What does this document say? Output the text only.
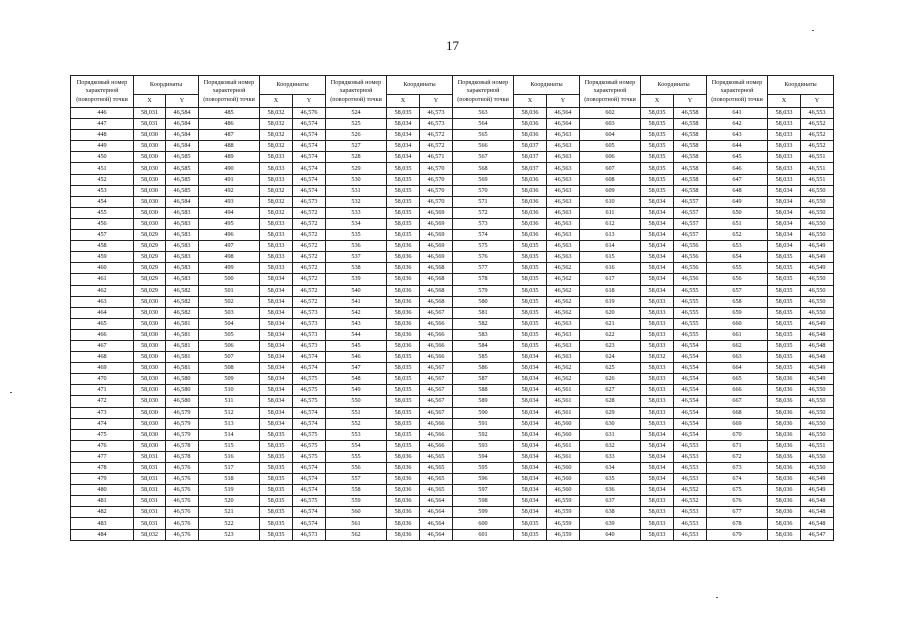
17
Порядковый номер характерной (поворотной) точки	Координаты		Порядковый номер характерной (поворотной) точки	Координаты		Порядковый номер характерной (поворотной) точки	Координаты		Порядковый номер характерной (поворотной) точки	Координаты		Порядковый номер характерной (поворотной) точки	Координаты		Порядковый номер характерной (поворотной) точки	Координаты	
	X	Y		X	Y		X	Y		X	Y		X	Y		X	Y
446	58,031	46,584	485	58,032	46,576	524	58,035	46,573	563	58,036	46,564	602	58,035	46,558	641	58,033	46,553
447	58,031	46,584	486	58,032	46,574	525	58,034	46,573	564	58,036	46,564	603	58,035	46,558	642	58,033	46,552
448	58,030	46,584	487	58,032	46,574	526	58,034	46,572	565	58,036	46,563	604	58,035	46,558	643	58,033	46,552
449	58,030	46,584	488	58,032	46,574	527	58,034	46,572	566	58,037	46,563	605	58,035	46,558	644	58,033	46,552
450	58,030	46,585	489	58,033	46,574	528	58,034	46,571	567	58,037	46,563	606	58,035	46,558	645	58,033	46,551
451	58,030	46,585	490	58,033	46,574	529	58,035	46,570	568	58,037	46,563	607	58,035	46,558	646	58,033	46,551
452	58,030	46,585	491	58,033	46,574	530	58,035	46,570	569	58,036	46,563	608	58,035	46,558	647	58,033	46,551
453	58,030	46,585	492	58,032	46,574	531	58,035	46,570	570	58,036	46,563	609	58,035	46,558	648	58,034	46,550
454	58,030	46,584	493	58,032	46,573	532	58,035	46,570	571	58,036	46,563	610	58,034	46,557	649	58,034	46,550
455	58,030	46,583	494	58,032	46,572	533	58,035	46,569	572	58,036	46,563	611	58,034	46,557	650	58,034	46,550
456	58,030	46,583	495	58,033	46,572	534	58,035	46,569	573	58,036	46,563	612	58,034	46,557	651	58,034	46,550
457	58,029	46,583	496	58,033	46,572	535	58,035	46,569	574	58,036	46,563	613	58,034	46,557	652	58,034	46,550
458	58,029	46,583	497	58,033	46,572	536	58,036	46,569	575	58,035	46,563	614	58,034	46,556	653	58,034	46,549
459	58,029	46,583	498	58,033	46,572	537	58,036	46,569	576	58,035	46,563	615	58,034	46,556	654	58,035	46,549
460	58,029	46,583	499	58,033	46,572	538	58,036	46,568	577	58,035	46,562	616	58,034	46,556	655	58,035	46,549
461	58,029	46,583	500	58,034	46,572	539	58,036	46,568	578	58,035	46,562	617	58,034	46,556	656	58,035	46,550
462	58,029	46,582	501	58,034	46,572	540	58,036	46,568	579	58,035	46,562	618	58,034	46,555	657	58,035	46,550
463	58,030	46,582	502	58,034	46,572	541	58,036	46,568	580	58,035	46,562	619	58,033	46,555	658	58,035	46,550
464	58,030	46,582	503	58,034	46,573	542	58,036	46,567	581	58,035	46,562	620	58,033	46,555	659	58,035	46,550
465	58,030	46,581	504	58,034	46,573	543	58,036	46,566	582	58,035	46,563	621	58,033	46,555	660	58,035	46,549
466	58,030	46,581	505	58,034	46,573	544	58,036	46,566	583	58,035	46,563	622	58,033	46,555	661	58,035	46,548
467	58,030	46,581	506	58,034	46,573	545	58,036	46,566	584	58,035	46,563	623	58,033	46,554	662	58,035	46,548
468	58,030	46,581	507	58,034	46,574	546	58,035	46,566	585	58,034	46,563	624	58,032	46,554	663	58,035	46,548
469	58,030	46,581	508	58,034	46,574	547	58,035	46,567	586	58,034	46,562	625	58,033	46,554	664	58,035	46,549
470	58,030	46,580	509	58,034	46,575	548	58,035	46,567	587	58,034	46,562	626	58,033	46,554	665	58,036	46,549
471	58,030	46,580	510	58,034	46,575	549	58,035	46,567	588	58,034	46,561	627	58,033	46,554	666	58,036	46,550
472	58,030	46,580	511	58,034	46,575	550	58,035	46,567	589	58,034	46,561	628	58,033	46,554	667	58,036	46,550
473	58,030	46,579	512	58,034	46,574	551	58,035	46,567	590	58,034	46,561	629	58,033	46,554	668	58,036	46,550
474	58,030	46,579	513	58,034	46,574	552	58,035	46,566	591	58,034	46,560	630	58,033	46,554	669	58,036	46,550
475	58,030	46,579	514	58,035	46,575	553	58,035	46,566	592	58,034	46,560	631	58,034	46,554	670	58,036	46,550
476	58,030	46,578	515	58,035	46,575	554	58,035	46,566	593	58,034	46,561	632	58,034	46,553	671	58,036	46,551
477	58,031	46,578	516	58,035	46,575	555	58,036	46,565	594	58,034	46,561	633	58,034	46,553	672	58,036	46,550
478	58,031	46,576	517	58,035	46,574	556	58,036	46,565	595	58,034	46,560	634	58,034	46,553	673	58,036	46,550
479	58,031	46,576	518	58,035	46,574	557	58,036	46,565	596	58,034	46,560	635	58,034	46,553	674	58,036	46,549
480	58,031	46,576	519	58,035	46,574	558	58,036	46,565	597	58,034	46,560	636	58,034	46,552	675	58,036	46,549
481	58,031	46,576	520	58,035	46,575	559	58,036	46,564	598	58,034	46,559	637	58,033	46,552	676	58,036	46,548
482	58,031	46,576	521	58,035	46,574	560	58,036	46,564	599	58,034	46,559	638	58,033	46,553	677	58,036	46,548
483	58,031	46,576	522	58,035	46,574	561	58,036	46,564	600	58,035	46,559	639	58,033	46,553	678	58,036	46,548
484	58,032	46,576	523	58,035	46,573	562	58,036	46,564	601	58,035	46,559	640	58,033	46,553	679	58,036	46,547
